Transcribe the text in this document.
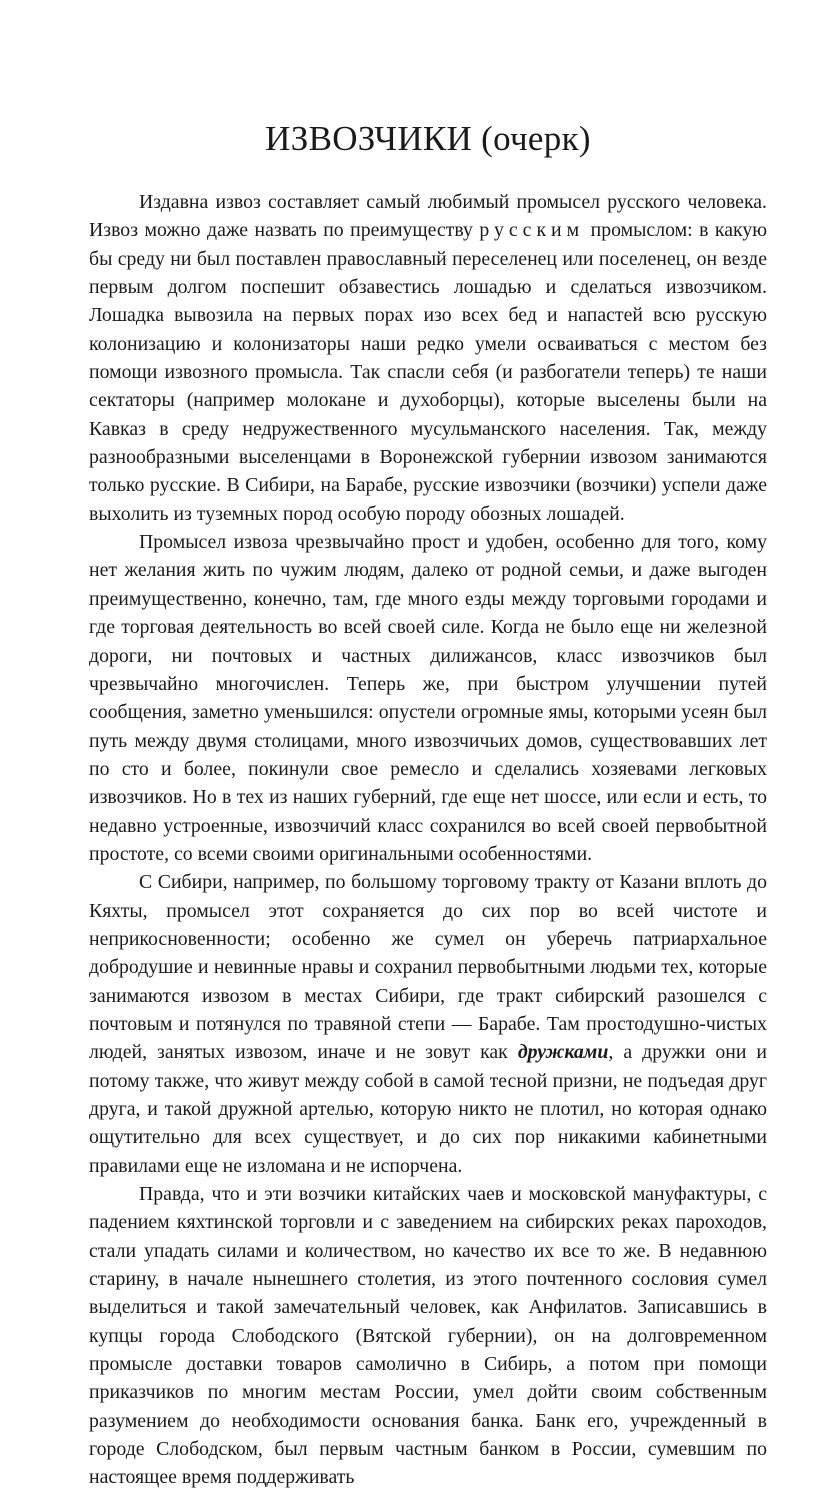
ИЗВОЗЧИКИ (очерк)

Издавна извоз составляет самый любимый промысел русского человека. Извоз можно даже назвать по преимуществу русским промыслом: в какую бы среду ни был поставлен православный переселенец или поселенец, он везде первым долгом поспешит обзавестись лошадью и сделаться извозчиком. Лошадка вывозила на первых порах изо всех бед и напастей всю русскую колонизацию и колонизаторы наши редко умели осваиваться с местом без помощи извозного промысла. Так спасли себя (и разбогатели теперь) те наши сектаторы (например молокане и духоборцы), которые выселены были на Кавказ в среду недружественного мусульманского населения. Так, между разнообразными выселенцами в Воронежской губернии извозом занимаются только русские. В Сибири, на Барабе, русские извозчики (возчики) успели даже выхолить из туземных пород особую породу обозных лошадей.

Промысел извоза чрезвычайно прост и удобен, особенно для того, кому нет желания жить по чужим людям, далеко от родной семьи, и даже выгоден преимущественно, конечно, там, где много езды между торговыми городами и где торговая деятельность во всей своей силе. Когда не было еще ни железной дороги, ни почтовых и частных дилижансов, класс извозчиков был чрезвычайно многочислен. Теперь же, при быстром улучшении путей сообщения, заметно уменьшился: опустели огромные ямы, которыми усеян был путь между двумя столицами, много извозчичьих домов, существовавших лет по сто и более, покинули свое ремесло и сделались хозяевами легковых извозчиков. Но в тех из наших губерний, где еще нет шоссе, или если и есть, то недавно устроенные, извозчичий класс сохранился во всей своей первобытной простоте, со всеми своими оригинальными особенностями.

С Сибири, например, по большому торговому тракту от Казани вплоть до Кяхты, промысел этот сохраняется до сих пор во всей чистоте и неприкосновенности; особенно же сумел он уберечь патриархальное добродушие и невинные нравы и сохранил первобытными людьми тех, которые занимаются извозом в местах Сибири, где тракт сибирский разошелся с почтовым и потянулся по травяной степи — Барабе. Там простодушно-чистых людей, занятых извозом, иначе и не зовут как дружками, а дружки они и потому также, что живут между собой в самой тесной призни, не подъедая друг друга, и такой дружной артелью, которую никто не плотил, но которая однако ощутительно для всех существует, и до сих пор никакими кабинетными правилами еще не изломана и не испорчена.

Правда, что и эти возчики китайских чаев и московской мануфактуры, с падением кяхтинской торговли и с заведением на сибирских реках пароходов, стали упадать силами и количеством, но качество их все то же. В недавнюю старину, в начале нынешнего столетия, из этого почтенного сословия сумел выделиться и такой замечательный человек, как Анфилатов. Записавшись в купцы города Слободского (Вятской губернии), он на долговременном промысле доставки товаров самолично в Сибирь, а потом при помощи приказчиков по многим местам России, умел дойти своим собственным разумением до необходимости основания банка. Банк его, учрежденный в городе Слободском, был первым частным банком в России, сумевшим по настоящее время поддерживать
